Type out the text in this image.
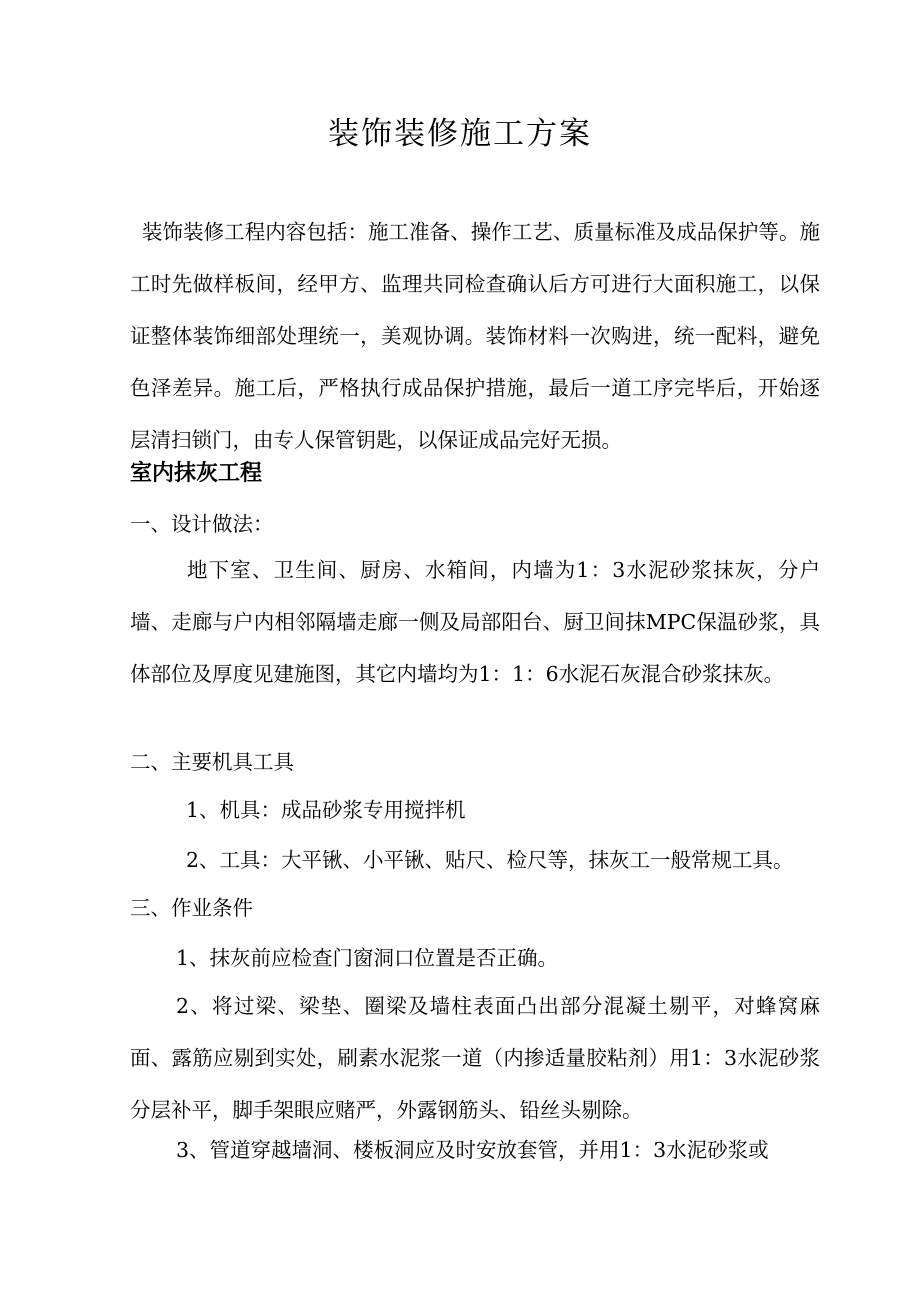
装饰装修施工方案
装饰装修工程内容包括：施工准备、操作工艺、质量标准及成品保护等。施工时先做样板间，经甲方、监理共同检查确认后方可进行大面积施工，以保证整体装饰细部处理统一，美观协调。装饰材料一次购进，统一配料，避免色泽差异。施工后，严格执行成品保护措施，最后一道工序完毕后，开始逐层清扫锁门，由专人保管钥匙，以保证成品完好无损。
室内抹灰工程
一、设计做法：
地下室、卫生间、厨房、水箱间，内墙为1：3水泥砂浆抹灰，分户墙、走廊与户内相邻隔墙走廊一侧及局部阳台、厨卫间抹MPC保温砂浆，具体部位及厚度见建施图，其它内墙均为1：1：6水泥石灰混合砂浆抹灰。
二、主要机具工具
1、机具：成品砂浆专用搅拌机
2、工具：大平锹、小平锹、贴尺、检尺等，抹灰工一般常规工具。
三、作业条件
1、抹灰前应检查门窗洞口位置是否正确。
2、将过梁、梁垫、圈梁及墙柱表面凸出部分混凝土剔平，对蜂窝麻面、露筋应剔到实处，刷素水泥浆一道（内掺适量胶粘剂）用1：3水泥砂浆分层补平，脚手架眼应赌严，外露钢筋头、铅丝头剔除。
3、管道穿越墙洞、楼板洞应及时安放套管，并用1：3水泥砂浆或
